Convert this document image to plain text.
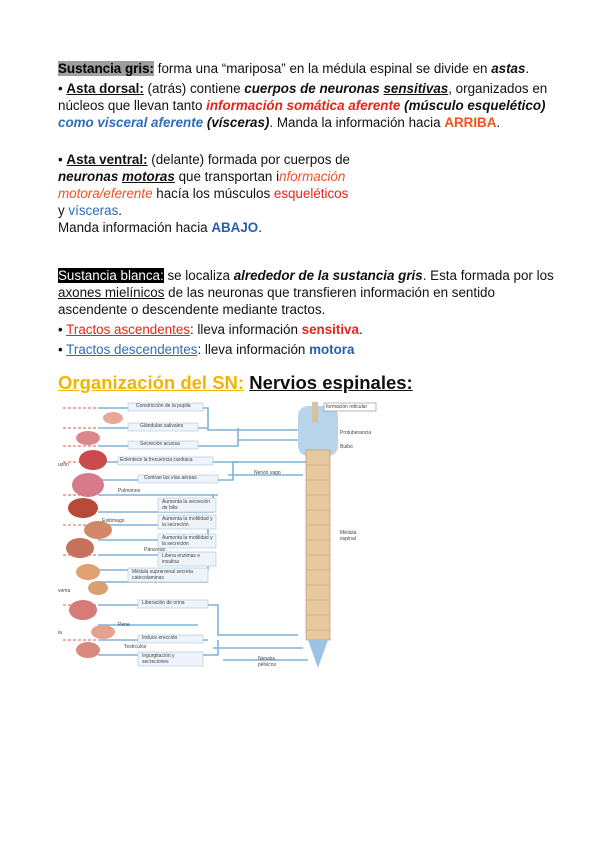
Sustancia gris: forma una “mariposa” en la médula espinal se divide en astas.
• Asta dorsal: (atrás) contiene cuerpos de neuronas sensitivas, organizados en
núcleos que llevan tanto información somática aferente (músculo esquelético)
como visceral aferente (vísceras). Manda la información hacia ARRIBA.
• Asta ventral: (delante) formada por cuerpos de
neuronas motoras que transportan información
motora/eferente hacía los músculos esqueléticos
y vísceras.
Manda información hacia ABAJO.
Sustancia blanca: se localiza alrededor de la sustancia gris. Esta formada por los
axones mielínicos de las neuronas que transfieren información en sentido
ascendente o descendente mediante tractos.
• Tractos ascendentes: lleva información sensitiva.
• Tractos descendentes: lleva información motora
Organización del SN: Nervios espinales:
Constricción de la pupila
Glándulas salivales
Secreción acuosa
Enlentece la frecuencia cardíaca
Contrae las vías aéreas
Pulmones
Aumenta la secreción de bilis
Aumenta la motilidad y la secreción
Estómago
Aumenta la motilidad y la secreción
Páncreas
Libera enzimas e insulina
Médula suprarrenal secreta catecolaminas
Liberación de orina
Pene
Induce erección
Testículos
Ingurgitación y secreciones
formación reticular
Protuberancia
Bulbo
Nervio vago
Médula espinal
Nervios pélvicos
uzón
vema
ia
